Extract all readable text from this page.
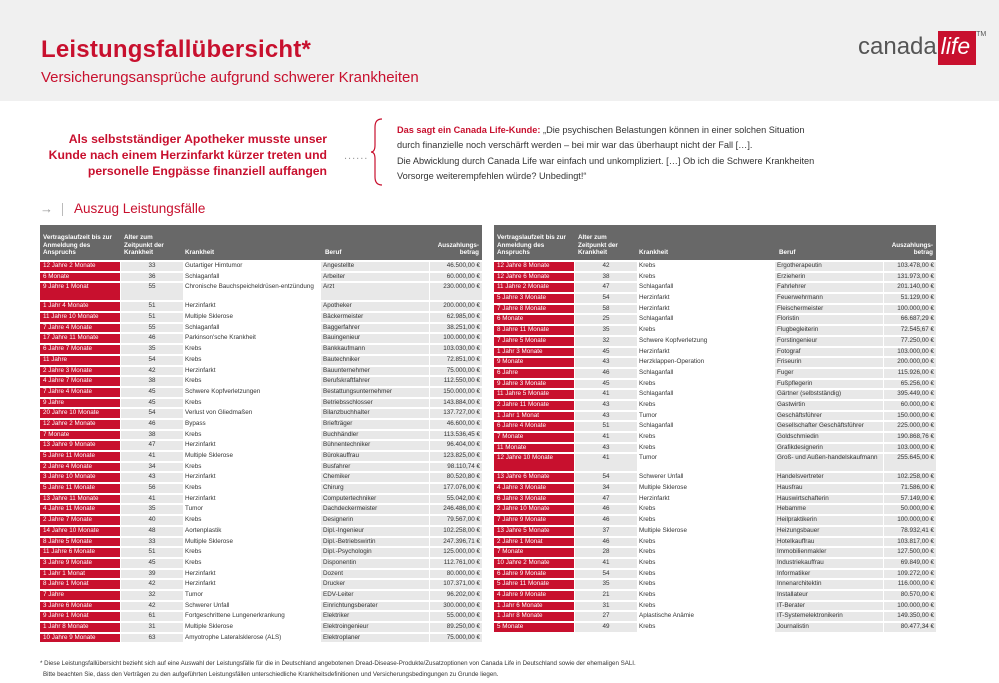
Leistungsfallübersicht*
Versicherungsansprüche aufgrund schwerer Krankheiten
canada life ™
Als selbstständiger Apotheker musste unser Kunde nach einem Herzinfarkt kürzer treten und personelle Engpässe finanziell auffangen
......
Das sagt ein Canada Life-Kunde: „Die psychischen Belastungen können in einer solchen Situation
durch finanzielle noch verschärft werden – bei mir war das überhaupt nicht der Fall […].
Die Abwicklung durch Canada Life war einfach und unkompliziert. […] Ob ich die Schwere Krankheiten
Vorsorge weiterempfehlen würde? Unbedingt!“
→ Auszug Leistungsfälle
Vertragslaufzeit bis zur Anmeldung des Anspruchs
Alter zum Zeitpunkt der Krankheit	Krankheit	Beruf
Auszahlungs-betrag
12 Jahre 2 Monate	33	Gutartiger Hirntumor	Angestellte	46.500,00 €
6 Monate	36	Schlaganfall	Arbeiter	60.000,00 €
9 Jahre 1 Monat	55	Chronische Bauchspeicheldrüsen-entzündung	Arzt	230.000,00 €
1 Jahr 4 Monate	51	Herzinfarkt	Apotheker	200.000,00 €
11 Jahre 10 Monate	51	Multiple Sklerose	Bäckermeister	62.985,00 €
7 Jahre 4 Monate	55	Schlaganfall	Baggerfahrer	38.251,00 €
17 Jahre 11 Monate	46	Parkinson'sche Krankheit	Bauingenieur	100.000,00 €
6 Jahre 7 Monate	35	Krebs	Bankkaufmann	103.030,00 €
11 Jahre	54	Krebs	Bautechniker	72.851,00 €
2 Jahre 3 Monate	42	Herzinfarkt	Bauunternehmer	75.000,00 €
4 Jahre 7 Monate	38	Krebs	Berufskraftfahrer	112.550,00 €
7 Jahre 4 Monate	45	Schwere Kopfverletzungen	Bestattungsunternehmer	150.000,00 €
9 Jahre	45	Krebs	Betriebsschlosser	143.884,00 €
20 Jahre 10 Monate	54	Verlust von Gliedmaßen	Bilanzbuchhalter	137.727,00 €
12 Jahre 2 Monate	46	Bypass	Briefträger	46.600,00 €
7 Monate	38	Krebs	Buchhändler	113.536,45 €
13 Jahre 9 Monate	47	Herzinfarkt	Bühnentechniker	96.404,00 €
5 Jahre 11 Monate	41	Multiple Sklerose	Bürokauffrau	123.825,00 €
2 Jahre 4 Monate	34	Krebs	Busfahrer	98.110,74 €
3 Jahre 10 Monate	43	Herzinfarkt	Chemiker	80.520,80 €
5 Jahre 11 Monate	56	Krebs	Chirurg	177.076,00 €
13 Jahre 11 Monate	41	Herzinfarkt	Computertechniker	55.042,00 €
4 Jahre 11 Monate	35	Tumor	Dachdeckermeister	246.486,00 €
2 Jahre 7 Monate	40	Krebs	Designerin	79.567,00 €
14 Jahre 10 Monate	48	Aortenplastik	Dipl.-Ingenieur	102.258,00 €
8 Jahre 5 Monate	33	Multiple Sklerose	Dipl.-Betriebswirtin	247.396,71 €
11 Jahre 6 Monate	51	Krebs	Dipl.-Psychologin	125.000,00 €
3 Jahre 9 Monate	45	Krebs	Disponentin	112.761,00 €
1 Jahr 1 Monat	39	Herzinfarkt	Dozent	80.000,00 €
8 Jahre 1 Monat	42	Herzinfarkt	Drucker	107.371,00 €
7 Jahre	32	Tumor	EDV-Leiter	96.202,00 €
3 Jahre 6 Monate	42	Schwerer Unfall	Einrichtungsberater	300.000,00 €
9 Jahre 1 Monat	61	Fortgeschrittene Lungenerkrankung	Elektriker	55.000,00 €
1 Jahr 8 Monate	31	Multiple Sklerose	Elektroingenieur	89.250,00 €
10 Jahre 9 Monate	63	Amyotrophe Lateralsklerose (ALS)	Elektroplaner	75.000,00 €
Vertragslaufzeit bis zur Anmeldung des Anspruchs
Alter zum Zeitpunkt der Krankheit	Krankheit	Beruf
Auszahlungs-betrag
12 Jahre 8 Monate	42	Krebs	Ergotherapeutin	103.478,00 €
12 Jahre 6 Monate	38	Krebs	Erzieherin	131.973,00 €
11 Jahre 2 Monate	47	Schlaganfall	Fahrlehrer	201.140,00 €
5 Jahre 3 Monate	54	Herzinfarkt	Feuerwehrmann	51.129,00 €
7 Jahre 8 Monate	58	Herzinfarkt	Fleischermeister	100.000,00 €
6 Monate	25	Schlaganfall	Floristin	66.687,29 €
8 Jahre 11 Monate	35	Krebs	Flugbegleiterin	72.545,67 €
7 Jahre 5 Monate	32	Schwere Kopfverletzung	Forstingenieur	77.250,00 €
1 Jahr 3 Monate	45	Herzinfarkt	Fotograf	103.000,00 €
9 Monate	43	Herzklappen-Operation	Friseurin	200.000,00 €
6 Jahre	46	Schlaganfall	Fuger	115.926,00 €
9 Jahre 3 Monate	45	Krebs	Fußpflegerin	65.256,00 €
11 Jahre 5 Monate	41	Schlaganfall	Gärtner (selbstständig)	395.449,00 €
2 Jahre 11 Monate	43	Krebs	Gastwirtin	60.000,00 €
1 Jahr 1 Monat	43	Tumor	Geschäftsführer	150.000,00 €
6 Jahre 4 Monate	51	Schlaganfall	Gesellschafter Geschäftsführer	225.000,00 €
7 Monate	41	Krebs	Goldschmiedin	190.868,76 €
11 Monate	43	Krebs	Grafikdesignerin	103.000,00 €
12 Jahre 10 Monate	41	Tumor	Groß- und Außen-handelskaufmann	255.645,00 €
13 Jahre 6 Monate	54	Schwerer Unfall	Handelsvertreter	102.258,00 €
4 Jahre 3 Monate	34	Multiple Sklerose	Hausfrau	71.586,00 €
6 Jahre 3 Monate	47	Herzinfarkt	Hauswirtschafterin	57.149,00 €
2 Jahre 10 Monate	46	Krebs	Hebamme	50.000,00 €
7 Jahre 9 Monate	46	Krebs	Heilpraktikerin	100.000,00 €
13 Jahre 5 Monate	37	Multiple Sklerose	Heizungsbauer	78.932,41 €
2 Jahre 1 Monat	46	Krebs	Hotelkauffrau	103.817,00 €
7 Monate	28	Krebs	Immobilienmakler	127.500,00 €
10 Jahre 2 Monate	41	Krebs	Industriekauffrau	69.849,00 €
6 Jahre 9 Monate	54	Krebs	Informatiker	109.272,00 €
5 Jahre 11 Monate	35	Krebs	Innenarchitektin	116.000,00 €
4 Jahre 9 Monate	21	Krebs	Installateur	80.570,00 €
1 Jahr 6 Monate	31	Krebs	IT-Berater	100.000,00 €
1 Jahr 8 Monate	27	Aplastische Anämie	IT-Systemelektronikerin	149.350,00 €
5 Monate	49	Krebs	Journalistin	80.477,34 €
* Diese Leistungsfallübersicht bezieht sich auf eine Auswahl der Leistungsfälle für die in Deutschland angebotenen Dread-Disease-Produkte/Zusatzoptionen von Canada Life in Deutschland sowie der ehemaligen SALI.
Bitte beachten Sie, dass den Verträgen zu den aufgeführten Leistungsfällen unterschiedliche Krankheitsdefinitionen und Versicherungsbedingungen zu Grunde liegen.
